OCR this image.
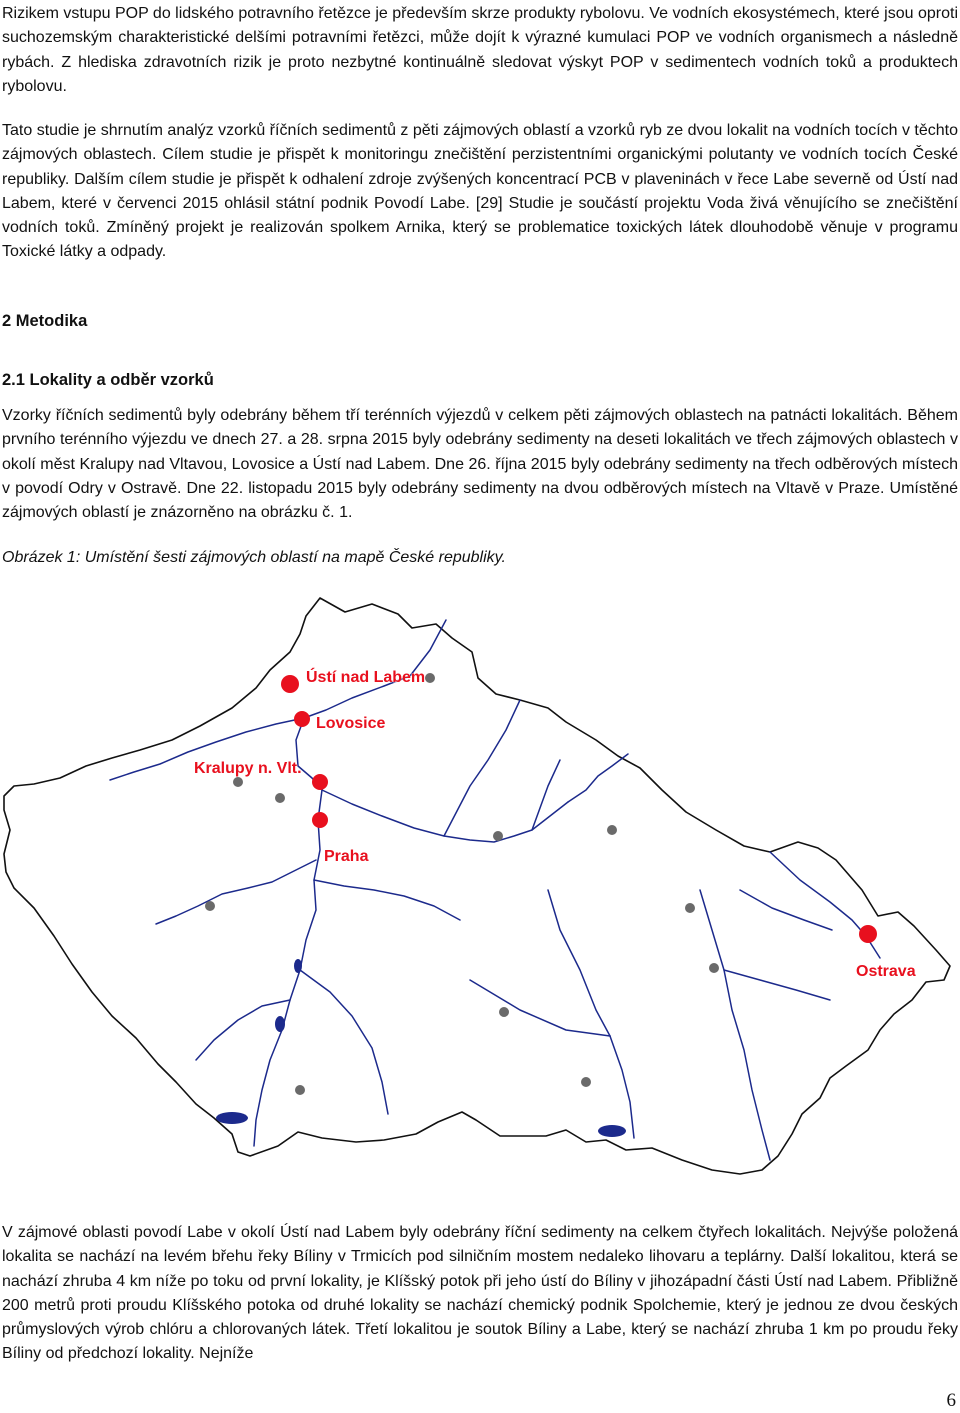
Rizikem vstupu POP do lidského potravního řetězce je především skrze produkty rybolovu. Ve vodních ekosystémech, které jsou oproti suchozemským charakteristické delšími potravními řetězci, může dojít k výrazné kumulaci POP ve vodních organismech a následně rybách. Z hlediska zdravotních rizik je proto nezbytné kontinuálně sledovat výskyt POP v sedimentech vodních toků a produktech rybolovu.

Tato studie je shrnutím analýz vzorků říčních sedimentů z pěti zájmových oblastí a vzorků ryb ze dvou lokalit na vodních tocích v těchto zájmových oblastech. Cílem studie je přispět k monitoringu znečištění perzistentními organickými polutanty ve vodních tocích České republiky. Dalším cílem studie je přispět k odhalení zdroje zvýšených koncentrací PCB v plaveninách v řece Labe severně od Ústí nad Labem, které v červenci 2015 ohlásil státní podnik Povodí Labe. [29] Studie je součástí projektu Voda živá věnujícího se znečištění vodních toků. Zmíněný projekt je realizován spolkem Arnika, který se problematice toxických látek dlouhodobě věnuje v programu Toxické látky a odpady.

2 Metodika
2.1 Lokality a odběr vzorků

Vzorky říčních sedimentů byly odebrány během tří terénních výjezdů v celkem pěti zájmových oblastech na patnácti lokalitách. Během prvního terénního výjezdu ve dnech 27. a 28. srpna 2015 byly odebrány sedimenty na deseti lokalitách ve třech zájmových oblastech v okolí měst Kralupy nad Vltavou, Lovosice a Ústí nad Labem. Dne 26. října 2015 byly odebrány sedimenty na třech odběrových místech v povodí Odry v Ostravě. Dne 22. listopadu 2015 byly odebrány sedimenty na dvou odběrových místech na Vltavě v Praze. Umístěné zájmových oblastí je znázorněno na obrázku č. 1.

Obrázek 1: Umístění šesti zájmových oblastí na mapě České republiky.

Ústí nad Labem
Lovosice
Kralupy n. Vlt.
Praha
Ostrava

V zájmové oblasti povodí Labe v okolí Ústí nad Labem byly odebrány říční sedimenty na celkem čtyřech lokalitách. Nejvýše položená lokalita se nachází na levém břehu řeky Bíliny v Trmicích pod silničním mostem nedaleko lihovaru a teplárny. Další lokalitou, která se nachází zhruba 4 km níže po toku od první lokality, je Klíšský potok při jeho ústí do Bíliny v jihozápadní části Ústí nad Labem. Přibližně 200 metrů proti proudu Klíšského potoka od druhé lokality se nachází chemický podnik Spolchemie, který je jednou ze dvou českých průmyslových výrob chlóru a chlorovaných látek. Třetí lokalitou je soutok Bíliny a Labe, který se nachází zhruba 1 km po proudu řeky Bíliny od předchozí lokality. Nejníže

6
